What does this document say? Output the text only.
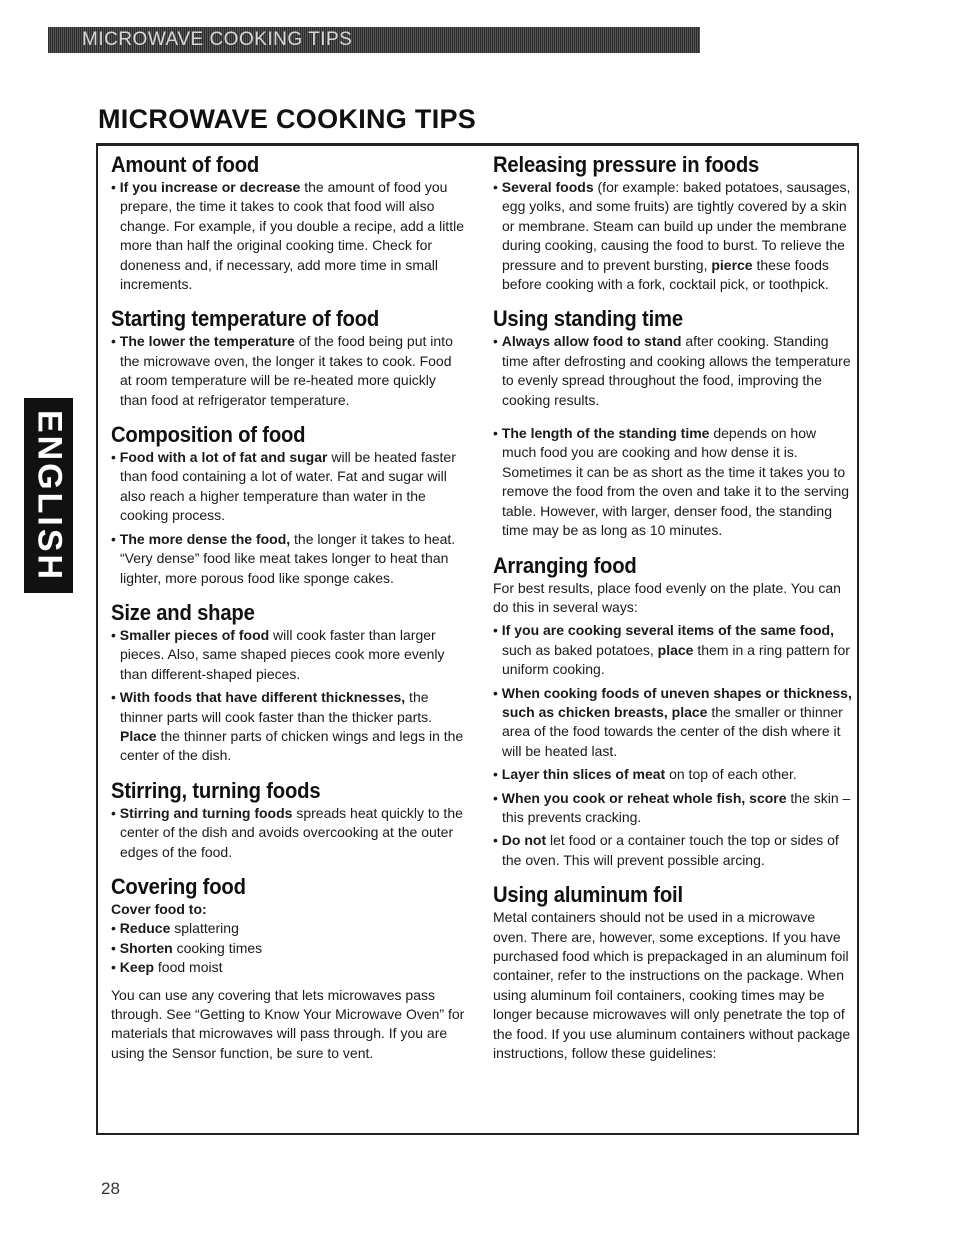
MICROWAVE COOKING TIPS
MICROWAVE COOKING TIPS
ENGLISH
Amount of food
• If you increase or decrease the amount of food you prepare, the time it takes to cook that food will also change. For example, if you double a recipe, add a little more than half the original cooking time. Check for doneness and, if necessary, add more time in small increments.
Starting temperature of food
• The lower the temperature of the food being put into the microwave oven, the longer it takes to cook. Food at room temperature will be re-heated more quickly than food at refrigerator temperature.
Composition of food
• Food with a lot of fat and sugar will be heated faster than food containing a lot of water. Fat and sugar will also reach a higher temperature than water in the cooking process.
• The more dense the food, the longer it takes to heat. “Very dense” food like meat takes longer to heat than lighter, more porous food like sponge cakes.
Size and shape
• Smaller pieces of food will cook faster than larger pieces. Also, same shaped pieces cook more evenly than different-shaped pieces.
• With foods that have different thicknesses, the thinner parts will cook faster than the thicker parts. Place the thinner parts of chicken wings and legs in the center of the dish.
Stirring, turning foods
• Stirring and turning foods spreads heat quickly to the center of the dish and avoids overcooking at the outer edges of the food.
Covering food

Cover food to:

• Reduce splattering
• Shorten cooking times
• Keep food moist

You can use any covering that lets microwaves pass through. See “Getting to Know Your Microwave Oven” for materials that microwaves will pass through. If you are using the Sensor function, be sure to vent.

Releasing pressure in foods
• Several foods (for example: baked potatoes, sausages, egg yolks, and some fruits) are tightly covered by a skin or membrane. Steam can build up under the membrane during cooking, causing the food to burst. To relieve the pressure and to prevent bursting, pierce these foods before cooking with a fork, cocktail pick, or toothpick.
Using standing time
• Always allow food to stand after cooking. Standing time after defrosting and cooking allows the temperature to evenly spread throughout the food, improving the cooking results.
• The length of the standing time depends on how much food you are cooking and how dense it is. Sometimes it can be as short as the time it takes you to remove the food from the oven and take it to the serving table. However, with larger, denser food, the standing time may be as long as 10 minutes.
Arranging food

For best results, place food evenly on the plate. You can do this in several ways:

• If you are cooking several items of the same food, such as baked potatoes, place them in a ring pattern for uniform cooking.
• When cooking foods of uneven shapes or thickness, such as chicken breasts, place the smaller or thinner area of the food towards the center of the dish where it will be heated last.
• Layer thin slices of meat on top of each other.
• When you cook or reheat whole fish, score the skin – this prevents cracking.
• Do not let food or a container touch the top or sides of the oven. This will prevent possible arcing.
Using aluminum foil

Metal containers should not be used in a microwave oven. There are, however, some exceptions. If you have purchased food which is prepackaged in an aluminum foil container, refer to the instructions on the package. When using aluminum foil containers, cooking times may be longer because microwaves will only penetrate the top of the food. If you use aluminum containers without package instructions, follow these guidelines:

28
